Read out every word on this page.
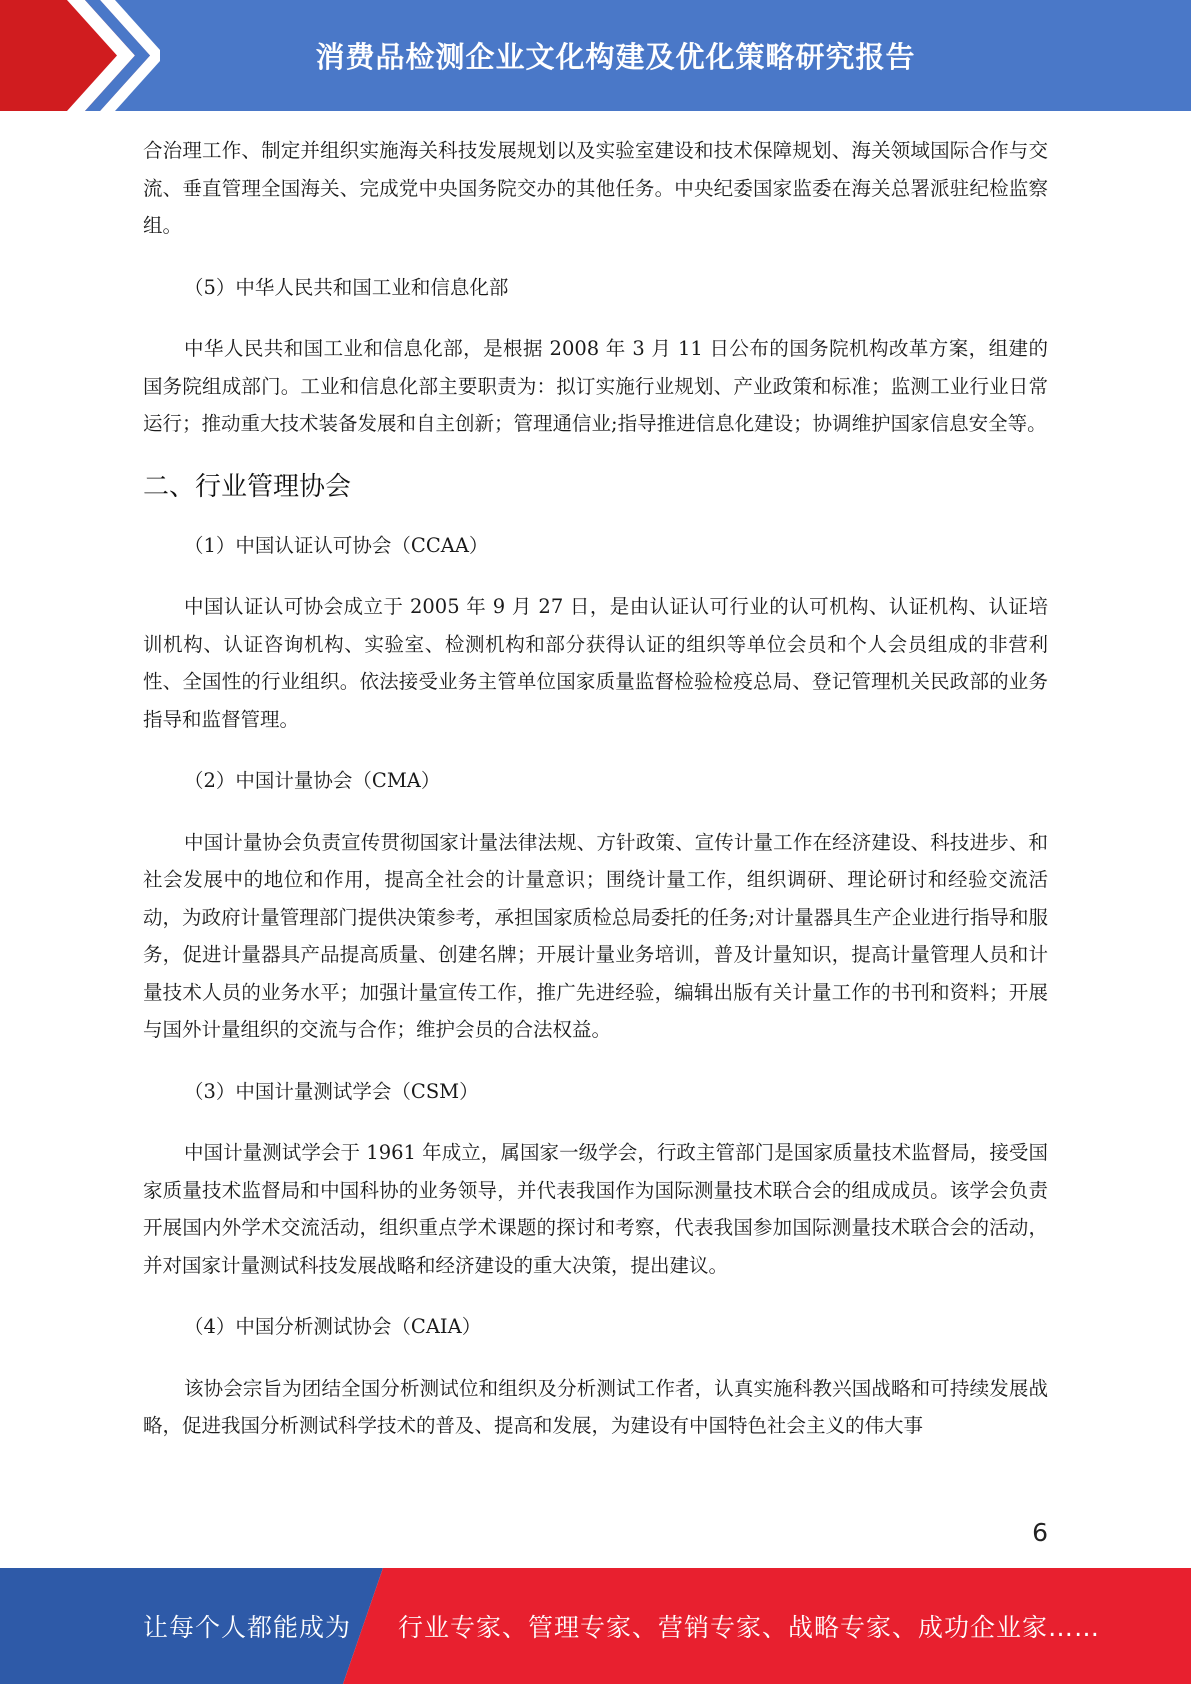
消费品检测企业文化构建及优化策略研究报告

合治理工作、制定并组织实施海关科技发展规划以及实验室建设和技术保障规划、海关领域国际合作与交流、垂直管理全国海关、完成党中央国务院交办的其他任务。中央纪委国家监委在海关总署派驻纪检监察组。

（5）中华人民共和国工业和信息化部

中华人民共和国工业和信息化部，是根据 2008 年 3 月 11 日公布的国务院机构改革方案，组建的国务院组成部门。工业和信息化部主要职责为：拟订实施行业规划、产业政策和标准；监测工业行业日常运行；推动重大技术装备发展和自主创新；管理通信业;指导推进信息化建设；协调维护国家信息安全等。

二、行业管理协会

（1）中国认证认可协会（CCAA）

中国认证认可协会成立于 2005 年 9 月 27 日，是由认证认可行业的认可机构、认证机构、认证培训机构、认证咨询机构、实验室、检测机构和部分获得认证的组织等单位会员和个人会员组成的非营利性、全国性的行业组织。依法接受业务主管单位国家质量监督检验检疫总局、登记管理机关民政部的业务指导和监督管理。

（2）中国计量协会（CMA）

中国计量协会负责宣传贯彻国家计量法律法规、方针政策、宣传计量工作在经济建设、科技进步、和社会发展中的地位和作用，提高全社会的计量意识；围绕计量工作，组织调研、理论研讨和经验交流活动，为政府计量管理部门提供决策参考，承担国家质检总局委托的任务;对计量器具生产企业进行指导和服务，促进计量器具产品提高质量、创建名牌；开展计量业务培训，普及计量知识，提高计量管理人员和计量技术人员的业务水平；加强计量宣传工作，推广先进经验，编辑出版有关计量工作的书刊和资料；开展与国外计量组织的交流与合作；维护会员的合法权益。

（3）中国计量测试学会（CSM）

中国计量测试学会于 1961 年成立，属国家一级学会，行政主管部门是国家质量技术监督局，接受国家质量技术监督局和中国科协的业务领导，并代表我国作为国际测量技术联合会的组成成员。该学会负责开展国内外学术交流活动，组织重点学术课题的探讨和考察，代表我国参加国际测量技术联合会的活动，并对国家计量测试科技发展战略和经济建设的重大决策，提出建议。

（4）中国分析测试协会（CAIA）

该协会宗旨为团结全国分析测试位和组织及分析测试工作者，认真实施科教兴国战略和可持续发展战略，促进我国分析测试科学技术的普及、提高和发展，为建设有中国特色社会主义的伟大事

6
让每个人都能成为 行业专家、管理专家、营销专家、战略专家、成功企业家……
